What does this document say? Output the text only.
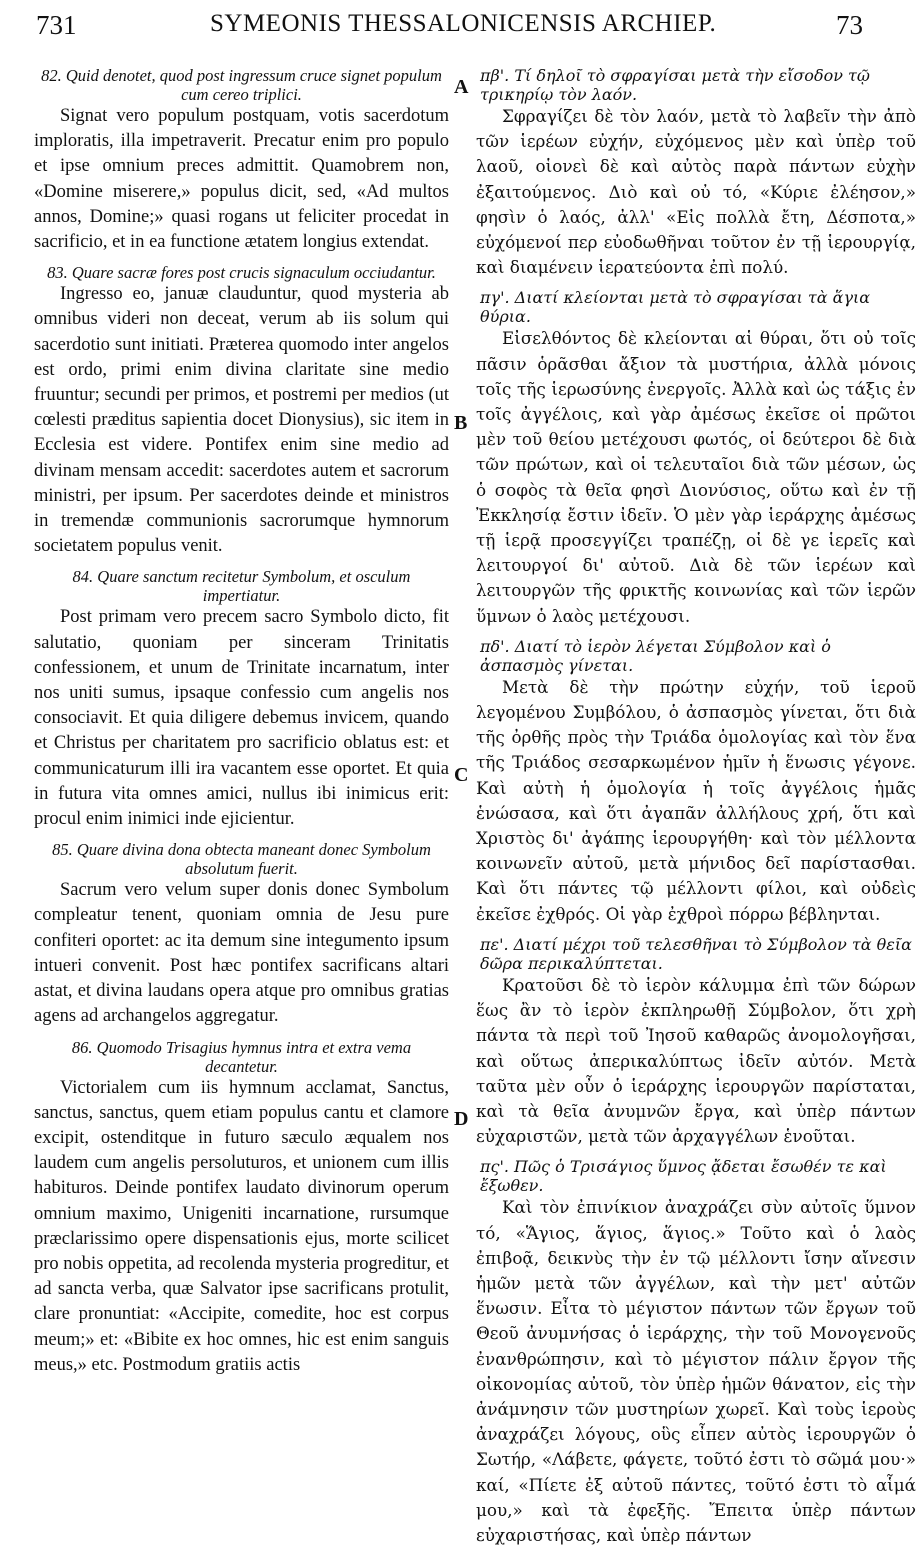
731	SYMEONIS THESSALONICENSIS ARCHIEP.	73
A
B
C
D

82. Quid denotet, quod post ingressum cruce signet populum cum cereo triplici.

Signat vero populum postquam, votis sacerdotum imploratis, illa impetraverit. Precatur enim pro populo et ipse omnium preces admittit. Quamobrem non, «Domine miserere,» populus dicit, sed, «Ad multos annos, Domine;» quasi rogans ut feliciter procedat in sacrificio, et in ea functione ætatem longius extendat.

83. Quare sacræ fores post crucis signaculum occiudantur.

Ingresso eo, januæ clauduntur, quod mysteria ab omnibus videri non deceat, verum ab iis solum qui sacerdotio sunt initiati. Præterea quomodo inter angelos est ordo, primi enim divina claritate sine medio fruuntur; secundi per primos, et postremi per medios (ut cœlesti præditus sapientia docet Dionysius), sic item in Ecclesia est videre. Pontifex enim sine medio ad divinam mensam accedit: sacerdotes autem et sacrorum ministri, per ipsum. Per sacerdotes deinde et ministros in tremendæ communionis sacrorumque hymnorum societatem populus venit.

84. Quare sanctum recitetur Symbolum, et osculum impertiatur.

Post primam vero precem sacro Symbolo dicto, fit salutatio, quoniam per sinceram Trinitatis confessionem, et unum de Trinitate incarnatum, inter nos uniti sumus, ipsaque confessio cum angelis nos consociavit. Et quia diligere debemus invicem, quando et Christus per charitatem pro sacrificio oblatus est: et communicaturum illi ira vacantem esse oportet. Et quia in futura vita omnes amici, nullus ibi inimicus erit: procul enim inimici inde ejicientur.

85. Quare divina dona obtecta maneant donec Symbolum absolutum fuerit.

Sacrum vero velum super donis donec Symbolum compleatur tenent, quoniam omnia de Jesu pure confiteri oportet: ac ita demum sine integumento ipsum intueri convenit. Post hæc pontifex sacrificans altari astat, et divina laudans opera atque pro omnibus gratias agens ad archangelos aggregatur.

86. Quomodo Trisagius hymnus intra et extra vema decantetur.

Victorialem cum iis hymnum acclamat, Sanctus, sanctus, sanctus, quem etiam populus cantu et clamore excipit, ostenditque in futuro sæculo æqualem nos laudem cum angelis persoluturos, et unionem cum illis habituros. Deinde pontifex laudato divinorum operum omnium maximo, Unigeniti incarnatione, rursumque præclarissimo opere dispensationis ejus, morte scilicet pro nobis oppetita, ad recolenda mysteria progreditur, et ad sancta verba, quæ Salvator ipse sacrificans protulit, clare pronuntiat: «Accipite, comedite, hoc est corpus meum;» et: «Bibite ex hoc omnes, hic est enim sanguis meus,» etc. Postmodum gratiis actis

πβ'. Τί δηλοῖ τὸ σφραγίσαι μετὰ τὴν εἴσοδον τῷ τρικηρίῳ τὸν λαόν.

Σφραγίζει δὲ τὸν λαόν, μετὰ τὸ λαβεῖν τὴν ἀπὸ τῶν ἱερέων εὐχήν, εὐχόμενος μὲν καὶ ὑπὲρ τοῦ λαοῦ, οἱονεὶ δὲ καὶ αὐτὸς παρὰ πάντων εὐχὴν ἐξαιτούμενος. Διὸ καὶ οὐ τό, «Κύριε ἐλέησον,» φησὶν ὁ λαός, ἀλλ' «Εἰς πολλὰ ἔτη, Δέσποτα,» εὐχόμενοί περ εὐοδωθῆναι τοῦτον ἐν τῇ ἱερουργίᾳ, καὶ διαμένειν ἱερατεύοντα ἐπὶ πολύ.

πγ'. Διατί κλείονται μετὰ τὸ σφραγίσαι τὰ ἅγια θύρια.

Εἰσελθόντος δὲ κλείονται αἱ θύραι, ὅτι οὐ τοῖς πᾶσιν ὁρᾶσθαι ἄξιον τὰ μυστήρια, ἀλλὰ μόνοις τοῖς τῆς ἱερωσύνης ἐνεργοῖς. Ἀλλὰ καὶ ὡς τάξις ἐν τοῖς ἀγγέλοις, καὶ γὰρ ἀμέσως ἐκεῖσε οἱ πρῶτοι μὲν τοῦ θείου μετέχουσι φωτός, οἱ δεύτεροι δὲ διὰ τῶν πρώτων, καὶ οἱ τελευταῖοι διὰ τῶν μέσων, ὡς ὁ σοφὸς τὰ θεῖα φησὶ Διονύσιος, οὕτω καὶ ἐν τῇ Ἐκκλησίᾳ ἔστιν ἰδεῖν. Ὁ μὲν γὰρ ἱεράρχης ἀμέσως τῇ ἱερᾷ προσεγγίζει τραπέζῃ, οἱ δὲ γε ἱερεῖς καὶ λειτουργοί δι' αὐτοῦ. Διὰ δὲ τῶν ἱερέων καὶ λειτουργῶν τῆς φρικτῆς κοινωνίας καὶ τῶν ἱερῶν ὕμνων ὁ λαὸς μετέχουσι.

πδ'. Διατί τὸ ἱερὸν λέγεται Σύμβολον καὶ ὁ ἀσπασμὸς γίνεται.

Μετὰ δὲ τὴν πρώτην εὐχήν, τοῦ ἱεροῦ λεγομένου Συμβόλου, ὁ ἀσπασμὸς γίνεται, ὅτι διὰ τῆς ὀρθῆς πρὸς τὴν Τριάδα ὁμολογίας καὶ τὸν ἕνα τῆς Τριάδος σεσαρκωμένον ἡμῖν ἡ ἕνωσις γέγονε. Καὶ αὐτὴ ἡ ὁμολογία ἡ τοῖς ἀγγέλοις ἡμᾶς ἑνώσασα, καὶ ὅτι ἀγαπᾶν ἀλλήλους χρή, ὅτι καὶ Χριστὸς δι' ἀγάπης ἱερουργήθη· καὶ τὸν μέλλοντα κοινωνεῖν αὐτοῦ, μετὰ μήνιδος δεῖ παρίστασθαι. Καὶ ὅτι πάντες τῷ μέλλοντι φίλοι, καὶ οὐδεὶς ἐκεῖσε ἐχθρός. Οἱ γὰρ ἐχθροὶ πόρρω βέβληνται.

πε'. Διατί μέχρι τοῦ τελεσθῆναι τὸ Σύμβολον τὰ θεῖα δῶρα περικαλύπτεται.

Κρατοῦσι δὲ τὸ ἱερὸν κάλυμμα ἐπὶ τῶν δώρων ἕως ἂν τὸ ἱερὸν ἐκπληρωθῇ Σύμβολον, ὅτι χρὴ πάντα τὰ περὶ τοῦ Ἰησοῦ καθαρῶς ἀνομολογῆσαι, καὶ οὕτως ἀπερικαλύπτως ἰδεῖν αὐτόν. Μετὰ ταῦτα μὲν οὖν ὁ ἱεράρχης ἱερουργῶν παρίσταται, καὶ τὰ θεῖα ἀνυμνῶν ἔργα, καὶ ὑπὲρ πάντων εὐχαριστῶν, μετὰ τῶν ἀρχαγγέλων ἑνοῦται.

πς'. Πῶς ὁ Τρισάγιος ὕμνος ᾄδεται ἔσωθέν τε καὶ ἔξωθεν.

Καὶ τὸν ἐπινίκιον ἀναχράζει σὺν αὐτοῖς ὕμνον τό, «Ἅγιος, ἅγιος, ἅγιος.» Τοῦτο καὶ ὁ λαὸς ἐπιβοᾷ, δεικνὺς τὴν ἐν τῷ μέλλοντι ἴσην αἴνεσιν ἡμῶν μετὰ τῶν ἀγγέλων, καὶ τὴν μετ' αὐτῶν ἕνωσιν. Εἶτα τὸ μέγιστον πάντων τῶν ἔργων τοῦ Θεοῦ ἀνυμνήσας ὁ ἱεράρχης, τὴν τοῦ Μονογενοῦς ἐνανθρώπησιν, καὶ τὸ μέγιστον πάλιν ἔργον τῆς οἰκονομίας αὐτοῦ, τὸν ὑπὲρ ἡμῶν θάνατον, εἰς τὴν ἀνάμνησιν τῶν μυστηρίων χωρεῖ. Καὶ τοὺς ἱεροὺς ἀναχράζει λόγους, οὓς εἶπεν αὐτὸς ἱερουργῶν ὁ Σωτήρ, «Λάβετε, φάγετε, τοῦτό ἐστι τὸ σῶμά μου·» καί, «Πίετε ἐξ αὐτοῦ πάντες, τοῦτό ἐστι τὸ αἷμά μου,» καὶ τὰ ἐφεξῆς. Ἔπειτα ὑπὲρ πάντων εὐχαριστήσας, καὶ ὑπὲρ πάντων
